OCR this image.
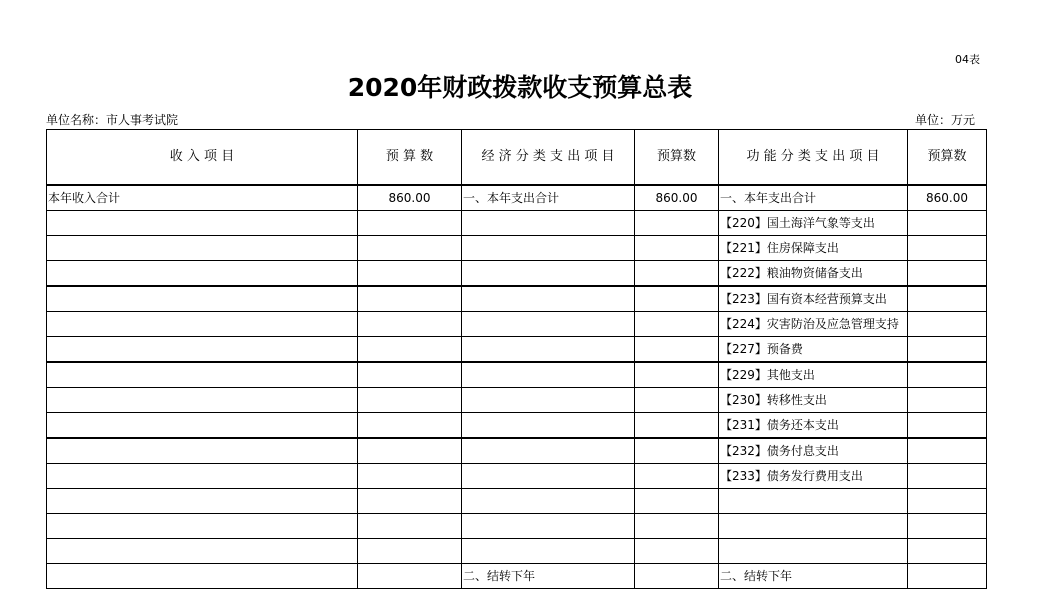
04表
2020年财政拨款收支预算总表
单位名称：市人事考试院	单位：万元
收 入 项 目	预 算 数	经 济 分 类 支 出 项 目	预算数	功 能 分 类 支 出 项 目	预算数
本年收入合计	860.00	一、本年支出合计	860.00	一、本年支出合计	860.00
				【220】国土海洋气象等支出	
				【221】住房保障支出	
				【222】粮油物资储备支出	
				【223】国有资本经营预算支出	
				【224】灾害防治及应急管理支持	
				【227】预备费	
				【229】其他支出	
				【230】转移性支出	
				【231】债务还本支出	
				【232】债务付息支出	
				【233】债务发行费用支出	

		二、结转下年		二、结转下年	
